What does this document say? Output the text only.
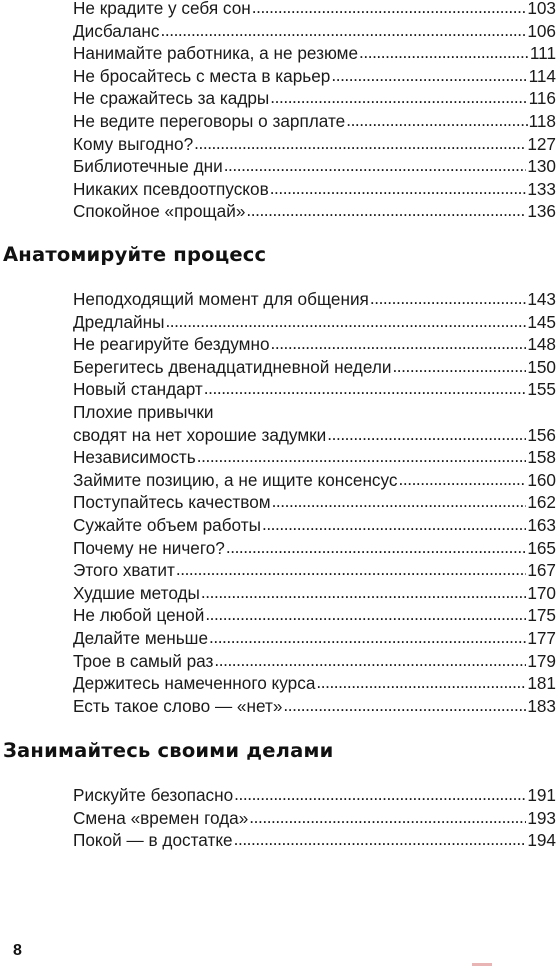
Не крадите у себя сон . . .	103
Дисбаланс . . .	106
Нанимайте работника, а не резюме . . .	111
Не бросайтесь с места в карьер . . .	114
Не сражайтесь за кадры . . .	116
Не ведите переговоры о зарплате . . .	118
Кому выгодно? . . .	127
Библиотечные дни . . .	130
Никаких псевдоотпусков . . .	133
Спокойное «прощай» . . .	136
Анатомируйте процесс
Неподходящий момент для общения . . .	143
Дредлайны . . .	145
Не реагируйте бездумно . . .	148
Берегитесь двенадцатидневной недели . . .	150
Новый стандарт . . .	155
Плохие привычки
сводят на нет хорошие задумки . . .	156
Независимость . . .	158
Займите позицию, а не ищите консенсус . . .	160
Поступайтесь качеством . . .	162
Сужайте объем работы . . .	163
Почему не ничего? . . .	165
Этого хватит . . .	167
Худшие методы . . .	170
Не любой ценой . . .	175
Делайте меньше . . .	177
Трое в самый раз . . .	179
Держитесь намеченного курса . . .	181
Есть такое слово — «нет» . . .	183
Занимайтесь своими делами
Рискуйте безопасно . . .	191
Смена «времен года» . . .	193
Покой — в достатке . . .	194
8
